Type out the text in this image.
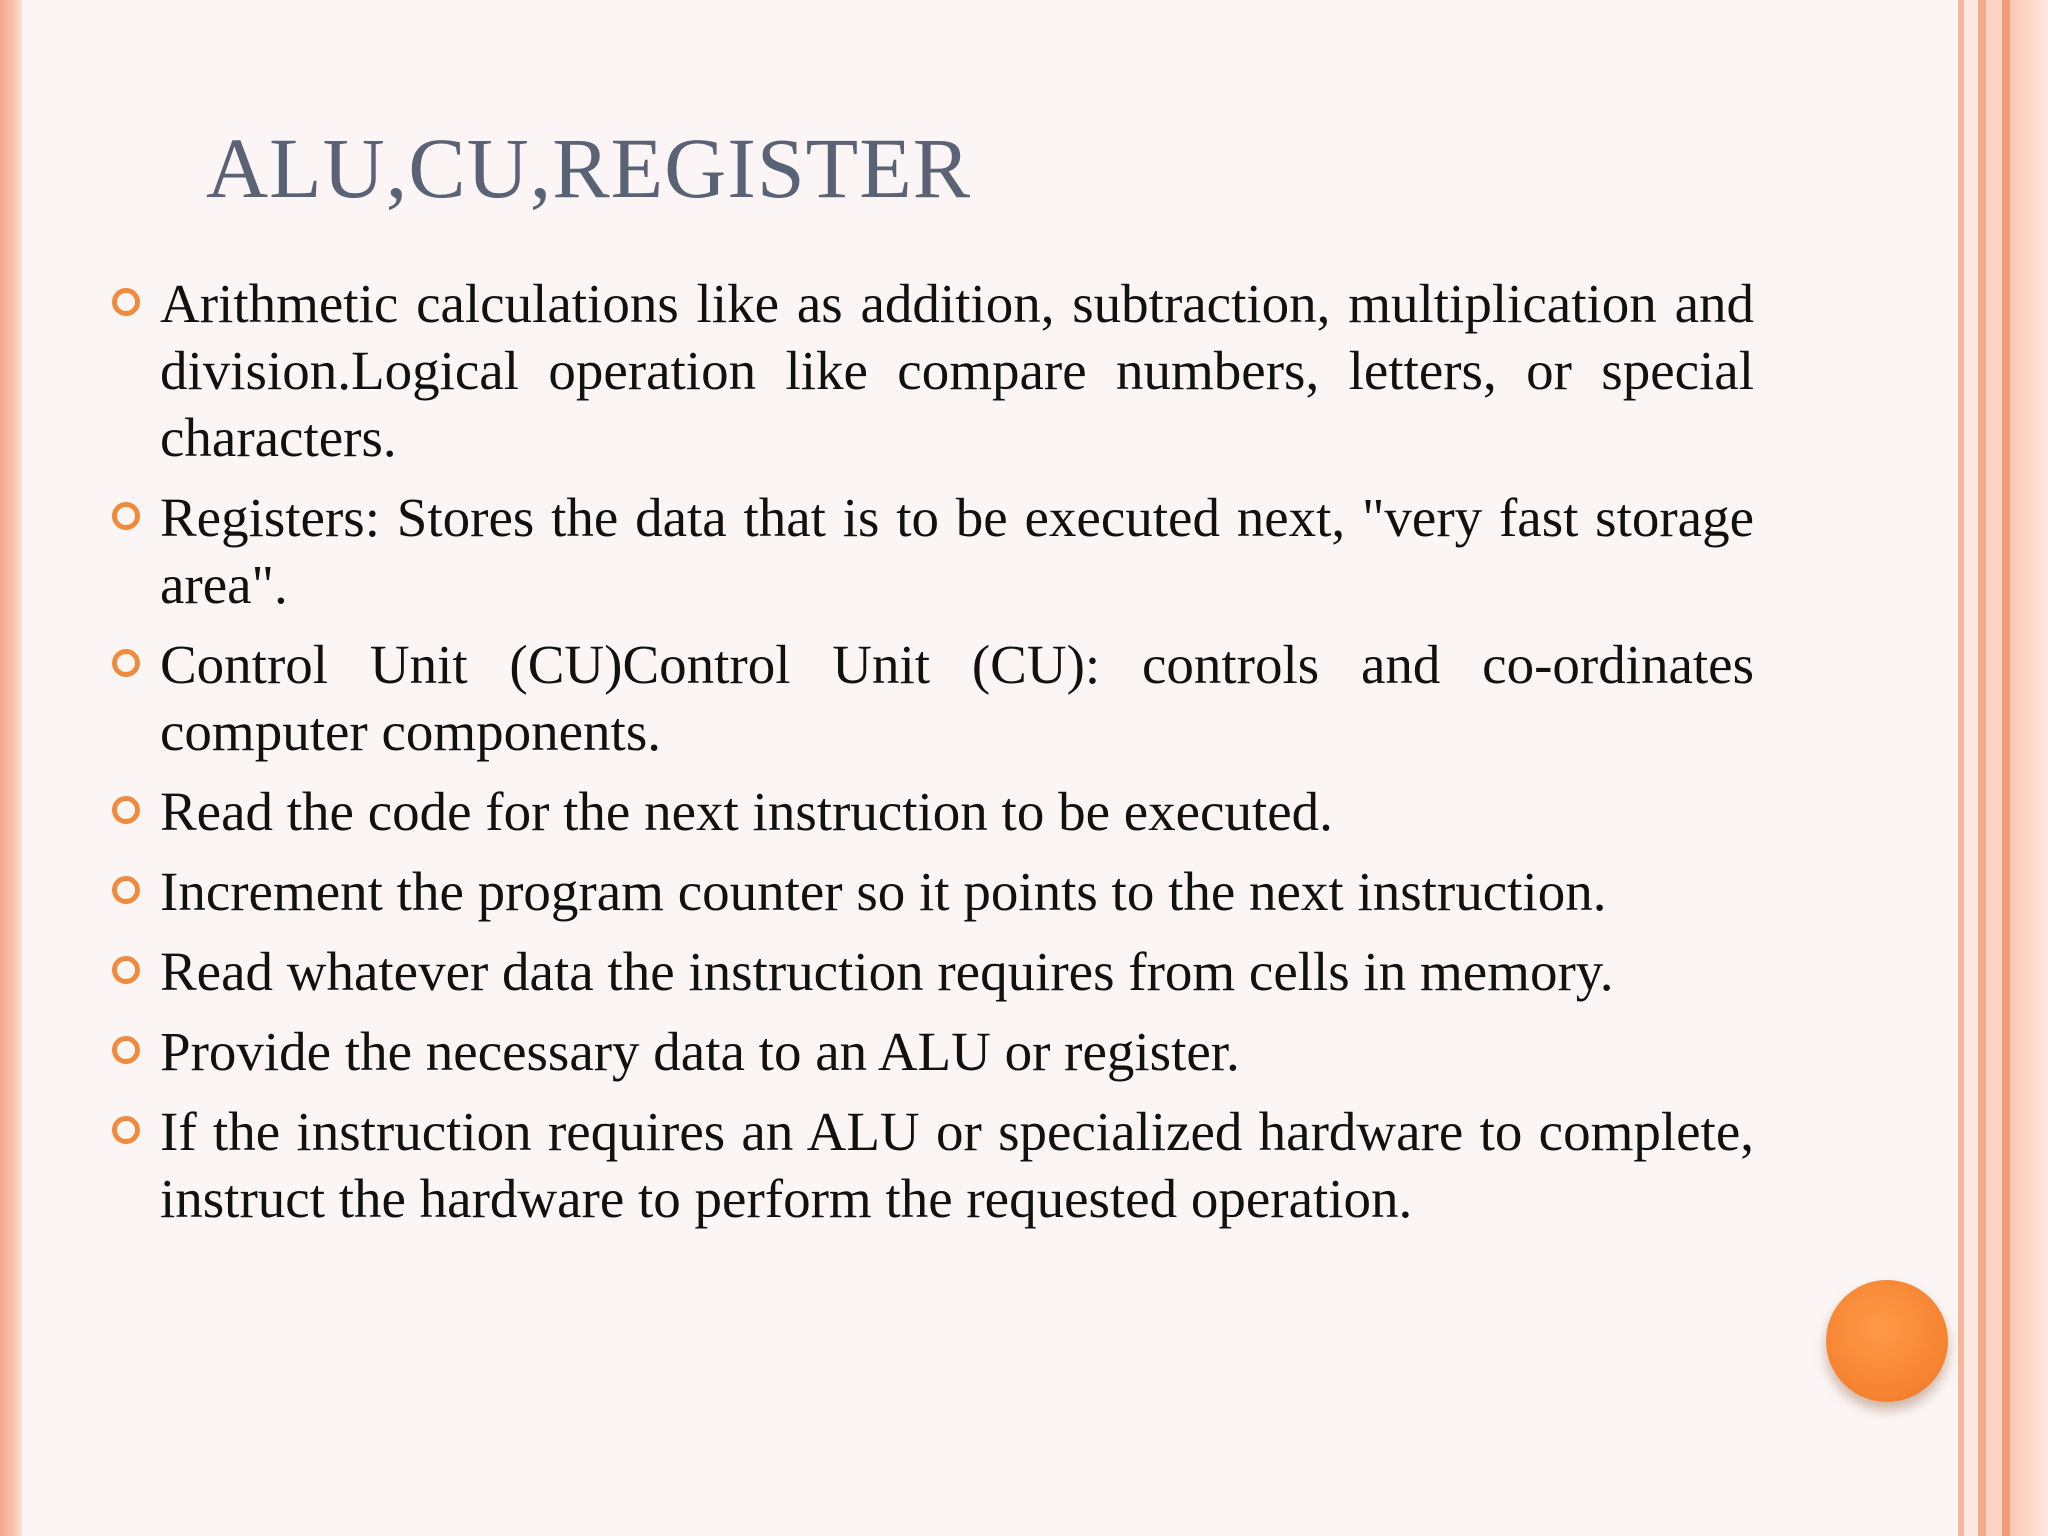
ALU,CU,REGISTER
Arithmetic calculations like as addition, subtraction, multiplication and division.Logical operation like compare numbers, letters, or special characters.
Registers: Stores the data that is to be executed next, "very fast storage area".
Control Unit (CU)Control Unit (CU): controls and co-ordinates computer components.
Read the code for the next instruction to be executed.
Increment the program counter so it points to the next instruction.
Read whatever data the instruction requires from cells in memory.
Provide the necessary data to an ALU or register.
If the instruction requires an ALU or specialized hardware to complete, instruct the hardware to perform the requested operation.
